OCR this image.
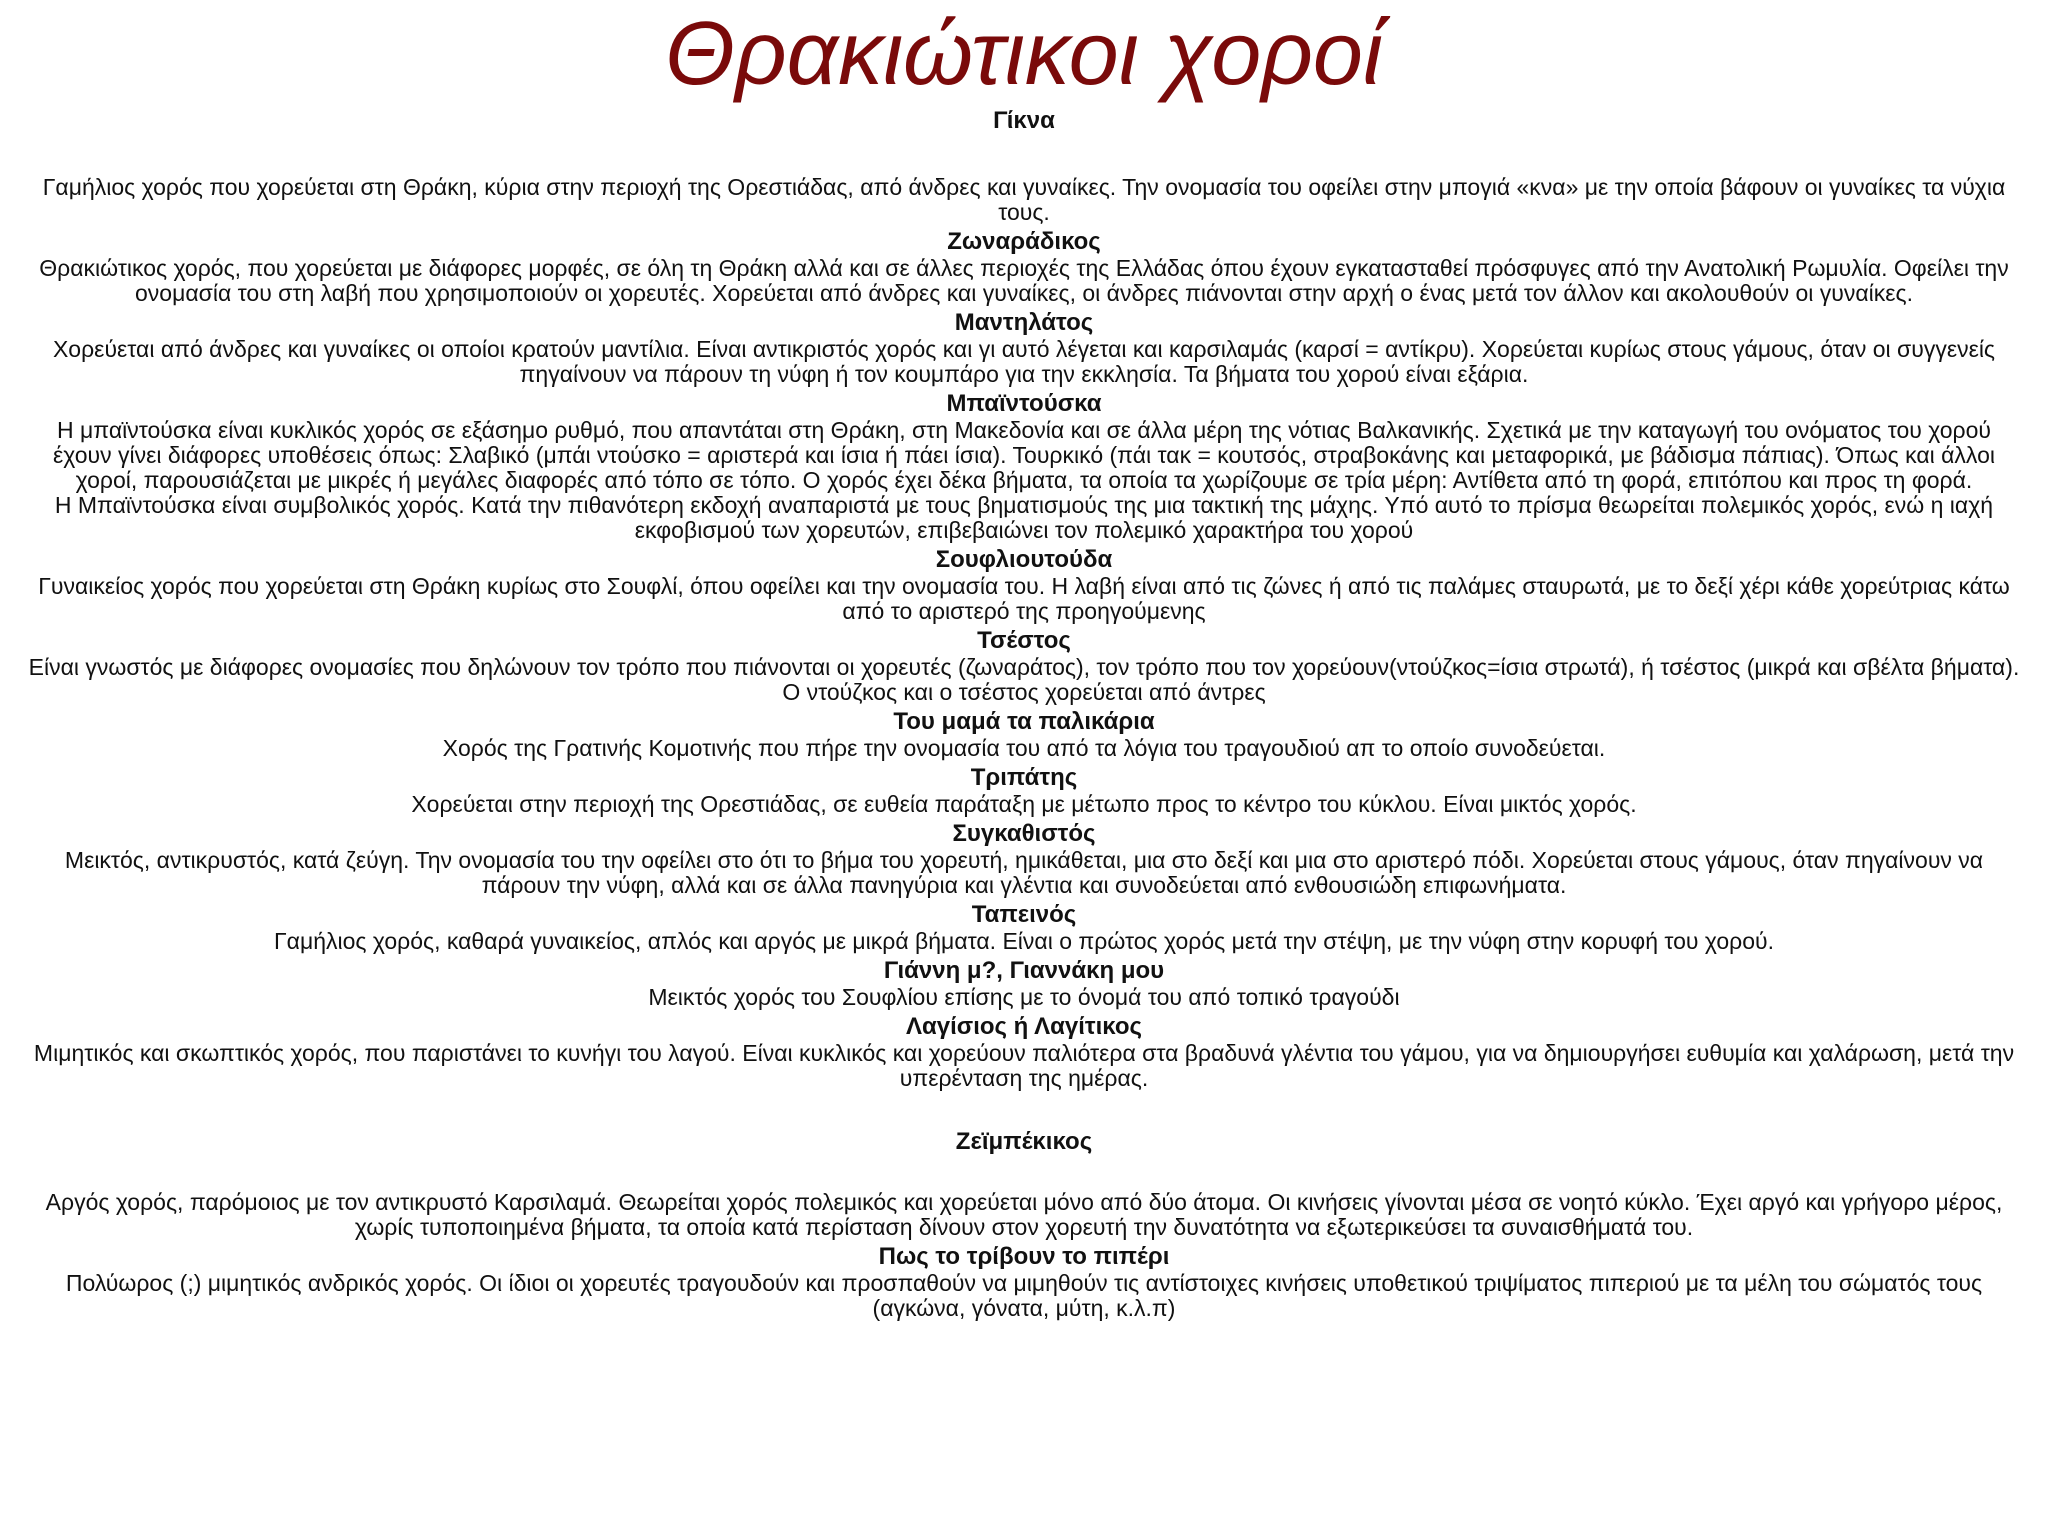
Θρακιώτικοι χοροί
Γίκνα

Γαμήλιος χορός που χορεύεται στη Θράκη, κύρια στην περιοχή της Ορεστιάδας, από άνδρες και γυναίκες. Την ονομασία του οφείλει στην μπογιά «κνα» με την οποία βάφουν οι γυναίκες τα νύχια τους.

Ζωναράδικος

Θρακιώτικος χορός, που χορεύεται με διάφορες μορφές, σε όλη τη Θράκη αλλά και σε άλλες περιοχές της Ελλάδας όπου έχουν εγκατασταθεί πρόσφυγες από την Ανατολική Ρωμυλία. Οφείλει την ονομασία του στη λαβή που χρησιμοποιούν οι χορευτές. Χορεύεται από άνδρες και γυναίκες, οι άνδρες πιάνονται στην αρχή ο ένας μετά τον άλλον και ακολουθούν οι γυναίκες.

Μαντηλάτος

Χορεύεται από άνδρες και γυναίκες οι οποίοι κρατούν μαντίλια. Είναι αντικριστός χορός και γι αυτό λέγεται και καρσιλαμάς (καρσί = αντίκρυ). Χορεύεται κυρίως στους γάμους, όταν οι συγγενείς πηγαίνουν να πάρουν τη νύφη ή τον κουμπάρο για την εκκλησία. Τα βήματα του χορού είναι εξάρια.

Μπαϊντούσκα

Η μπαϊντούσκα είναι κυκλικός χορός σε εξάσημο ρυθμό, που απαντάται στη Θράκη, στη Μακεδονία και σε άλλα μέρη της νότιας Βαλκανικής. Σχετικά με την καταγωγή του ονόματος του χορού έχουν γίνει διάφορες υποθέσεις όπως: Σλαβικό (μπάι ντούσκο = αριστερά και ίσια ή πάει ίσια). Τουρκικό (πάι τακ = κουτσός, στραβοκάνης και μεταφορικά, με βάδισμα πάπιας). Όπως και άλλοι χοροί, παρουσιάζεται με μικρές ή μεγάλες διαφορές από τόπο σε τόπο. Ο χορός έχει δέκα βήματα, τα οποία τα χωρίζουμε σε τρία μέρη: Αντίθετα από τη φορά, επιτόπου και προς τη φορά.

Η Μπαϊντούσκα είναι συμβολικός χορός. Κατά την πιθανότερη εκδοχή αναπαριστά με τους βηματισμούς της μια τακτική της μάχης. Υπό αυτό το πρίσμα θεωρείται πολεμικός χορός, ενώ η ιαχή εκφοβισμού των χορευτών, επιβεβαιώνει τον πολεμικό χαρακτήρα του χορού

Σουφλιουτούδα

Γυναικείος χορός που χορεύεται στη Θράκη κυρίως στο Σουφλί, όπου οφείλει και την ονομασία του. Η λαβή είναι από τις ζώνες ή από τις παλάμες σταυρωτά, με το δεξί χέρι κάθε χορεύτριας κάτω από το αριστερό της προηγούμενης

Τσέστος

Είναι γνωστός με διάφορες ονομασίες που δηλώνουν τον τρόπο που πιάνονται οι χορευτές (ζωναράτος), τον τρόπο που τον χορεύουν(ντούζκος=ίσια στρωτά), ή τσέστος (μικρά και σβέλτα βήματα). Ο ντούζκος και ο τσέστος χορεύεται από άντρες

Του μαμά τα παλικάρια

Χορός της Γρατινής Κομοτινής που πήρε την ονομασία του από τα λόγια του τραγουδιού απ το οποίο συνοδεύεται.

Τριπάτης

Χορεύεται στην περιοχή της Ορεστιάδας, σε ευθεία παράταξη με μέτωπο προς το κέντρο του κύκλου. Είναι μικτός χορός.

Συγκαθιστός

Μεικτός, αντικρυστός, κατά ζεύγη. Την ονομασία του την οφείλει στο ότι το βήμα του χορευτή, ημικάθεται, μια στο δεξί και μια στο αριστερό πόδι. Χορεύεται στους γάμους, όταν πηγαίνουν να πάρουν την νύφη, αλλά και σε άλλα πανηγύρια και γλέντια και συνοδεύεται από ενθουσιώδη επιφωνήματα.

Ταπεινός

Γαμήλιος χορός, καθαρά γυναικείος, απλός και αργός με μικρά βήματα. Είναι ο πρώτος χορός μετά την στέψη, με την νύφη στην κορυφή του χορού.

Γιάννη μ?, Γιαννάκη μου

Μεικτός χορός του Σουφλίου επίσης με το όνομά του από τοπικό τραγούδι

Λαγίσιος ή Λαγίτικος

Μιμητικός και σκωπτικός χορός, που παριστάνει το κυνήγι του λαγού. Είναι κυκλικός και χορεύουν παλιότερα στα βραδυνά γλέντια του γάμου, για να δημιουργήσει ευθυμία και χαλάρωση, μετά την υπερένταση της ημέρας.

Ζεϊμπέκικος

Αργός χορός, παρόμοιος με τον αντικρυστό Καρσιλαμά. Θεωρείται χορός πολεμικός και χορεύεται μόνο από δύο άτομα. Οι κινήσεις γίνονται μέσα σε νοητό κύκλο. Έχει αργό και γρήγορο μέρος, χωρίς τυποποιημένα βήματα, τα οποία κατά περίσταση δίνουν στον χορευτή την δυνατότητα να εξωτερικεύσει τα συναισθήματά του.

Πως το τρίβουν το πιπέρι

Πολύωρος (;) μιμητικός ανδρικός χορός. Οι ίδιοι οι χορευτές τραγουδούν και προσπαθούν να μιμηθούν τις αντίστοιχες κινήσεις υποθετικού τριψίματος πιπεριού με τα μέλη του σώματός τους (αγκώνα, γόνατα, μύτη, κ.λ.π)
